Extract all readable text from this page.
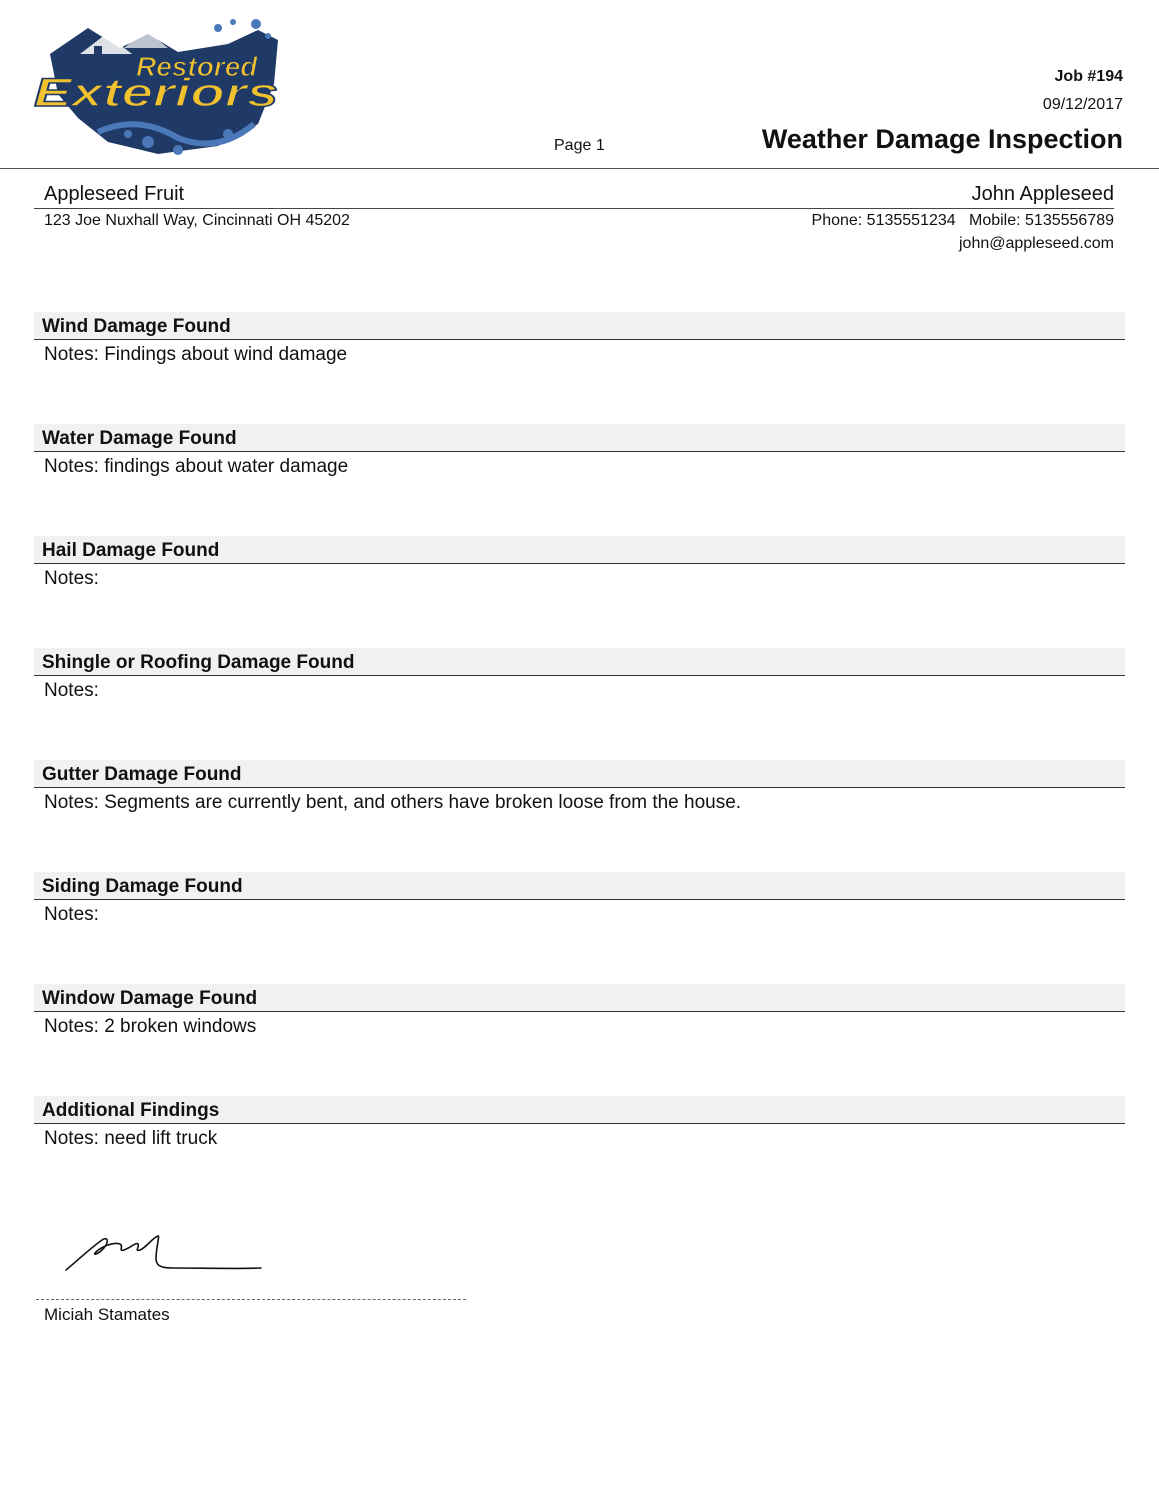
Restored
Exteriors	Job #194
09/12/2017
Page 1	Weather Damage Inspection
Appleseed Fruit	John Appleseed
123 Joe Nuxhall Way, Cincinnati OH 45202	Phone: 5135551234   Mobile: 5135556789
john@appleseed.com
Wind Damage Found
Notes: Findings about wind damage
Water Damage Found
Notes: findings about water damage
Hail Damage Found
Notes:
Shingle or Roofing Damage Found
Notes:
Gutter Damage Found
Notes: Segments are currently bent, and others have broken loose from the house.
Siding Damage Found
Notes:
Window Damage Found
Notes: 2 broken windows
Additional Findings
Notes: need lift truck
Miciah Stamates
